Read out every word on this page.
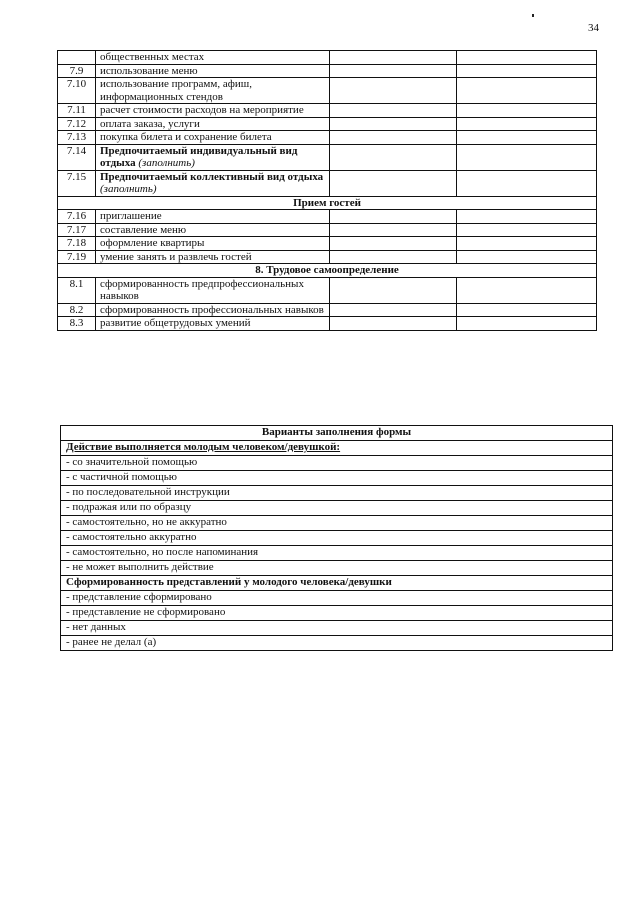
34
	общественных местах		
7.9	использование меню		
7.10	использование программ, афиш, информационных стендов		
7.11	расчет стоимости расходов на мероприятие		
7.12	оплата заказа, услуги		
7.13	покупка билета и сохранение билета		
7.14	Предпочитаемый индивидуальный вид отдыха (заполнить)		
7.15	Предпочитаемый коллективный вид отдыха (заполнить)		
Прием гостей			
7.16	приглашение		
7.17	составление меню		
7.18	оформление квартиры		
7.19	умение занять и развлечь гостей		
8. Трудовое самоопределение			
8.1	сформированность предпрофессиональных навыков		
8.2	сформированность профессиональных навыков		
8.3	развитие общетрудовых умений		
Варианты заполнения формы
Действие выполняется молодым человеком/девушкой:
- со значительной помощью
- с частичной помощью
- по последовательной инструкции
- подражая или по образцу
- самостоятельно, но не аккуратно
- самостоятельно аккуратно
- самостоятельно, но после напоминания
- не может выполнить действие
Сформированность представлений у молодого человека/девушки
- представление сформировано
- представление не сформировано
- нет данных
- ранее не делал (а)
